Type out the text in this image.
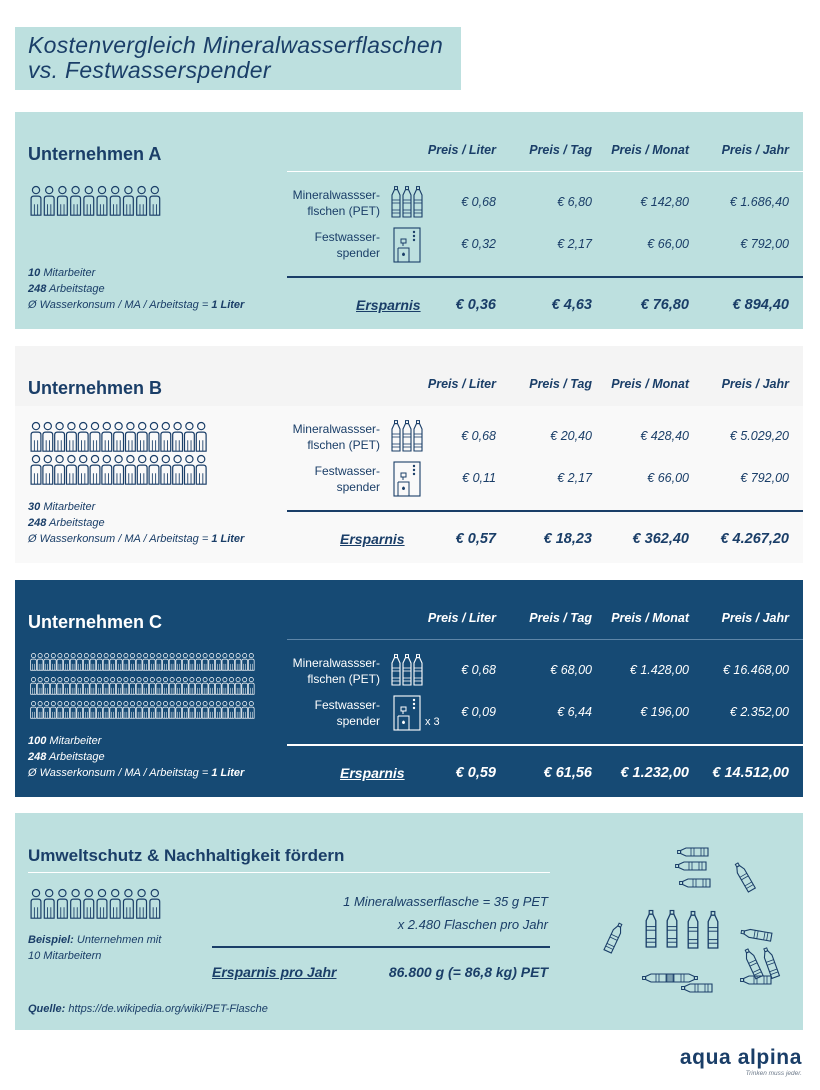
Kostenvergleich Mineralwasserflaschen
vs. Festwasserspender
Unternehmen A	Preis / Liter	Preis / Tag	Preis / Monat	Preis / Jahr
Mineralwassser-
flschen (PET)
€ 0,68	€ 6,80	€ 142,80	€ 1.686,40
Festwasser-
spender
€ 0,32	€ 2,17	€ 66,00	€ 792,00
10 Mitarbeiter
248 Arbeitstage
Ø Wasserkonsum / MA / Arbeitstag = 1 Liter	Ersparnis	€ 0,36	€ 4,63	€ 76,80	€ 894,40
Unternehmen B	Preis / Liter	Preis / Tag	Preis / Monat	Preis / Jahr
Mineralwassser-
flschen (PET)
€ 0,68	€ 20,40	€ 428,40	€ 5.029,20
Festwasser-
spender
€ 0,11	€ 2,17	€ 66,00	€ 792,00
30 Mitarbeiter
248 Arbeitstage
Ø Wasserkonsum / MA / Arbeitstag = 1 Liter	Ersparnis	€ 0,57	€ 18,23	€ 362,40	€ 4.267,20
Unternehmen C	Preis / Liter	Preis / Tag	Preis / Monat	Preis / Jahr
Mineralwassser-
flschen (PET)
€ 0,68	€ 68,00	€ 1.428,00	€ 16.468,00
Festwasser-
spender	x 3
€ 0,09	€ 6,44	€ 196,00	€ 2.352,00
100 Mitarbeiter
248 Arbeitstage
Ø Wasserkonsum / MA / Arbeitstag = 1 Liter	Ersparnis	€ 0,59	€ 61,56	€ 1.232,00	€ 14.512,00
Umweltschutz & Nachhaltigkeit fördern
1 Mineralwasserflasche = 35 g PET
x 2.480 Flaschen pro Jahr
Ersparnis pro Jahr	86.800 g (= 86,8 kg) PET
Beispiel: Unternehmen mit
10 Mitarbeitern
Quelle: https://de.wikipedia.org/wiki/PET-Flasche
aqua alpina
Trinken muss jeder.
